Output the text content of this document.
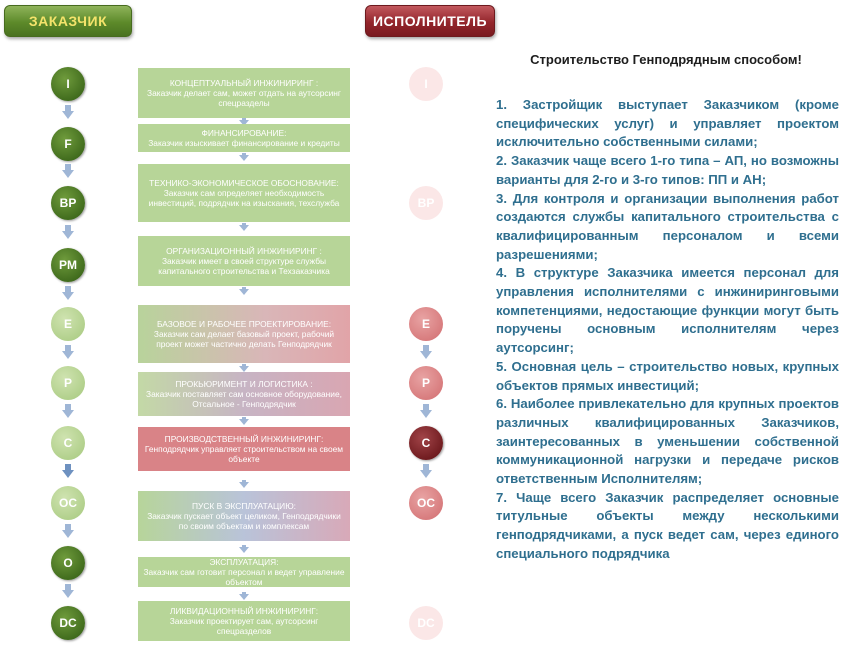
ЗАКАЗЧИК	ИСПОЛНИТЕЛЬ
I
F
BP
PM
E
P
C
OC
O
DC
КОНЦЕПТУАЛЬНЫЙ ИНЖИНИРИНГ :
Заказчик делает сам, может отдать на аутсорсинг спецразделы
ФИНАНСИРОВАНИЕ:
Заказчик изыскивает финансирование и кредиты
ТЕХНИКО-ЭКОНОМИЧЕСКОЕ ОБОСНОВАНИЕ:
Заказчик сам определяет необходимость инвестиций, подрядчик на изыскания, техслужба
ОРГАНИЗАЦИОННЫЙ ИНЖИНИРИНГ :
Заказчик имеет в своей структуре службы капитального строительства и Техзаказчика
БАЗОВОЕ И РАБОЧЕЕ ПРОЕКТИРОВАНИЕ:
Заказчик сам делает базовый проект, рабочий проект может частично делать Генподрядчик
ПРОКЬЮРИМЕНТ И ЛОГИСТИКА :
Заказчик поставляет сам основное оборудование, Отсальное - Генподрядчик
ПРОИЗВОДСТВЕННЫЙ ИНЖИНИРИНГ:
Генподрядчик управляет строительством на своем объекте
ПУСК В ЭКСПЛУАТАЦИЮ:
Заказчик пускает объект целиком, Генподрядчики по своим объектам и комплексам
ЭКСПЛУАТАЦИЯ:
Заказчик сам готовит персонал и ведет управление объектом
ЛИКВИДАЦИОННЫЙ ИНЖИНИРИНГ:
Заказчик проектирует сам, аутсорсинг спецразделов
I
BP
E
P
C
OC
DC
Строительство Генподрядным способом!

1. Застройщик выступает Заказчиком (кроме специфических услуг) и управляет проектом исключительно собственными силами;

2. Заказчик чаще всего 1-го типа – АП, но возможны варианты для 2-го и 3-го типов: ПП и АН;

3. Для контроля и организации выполнения работ создаются службы капитального строительства с квалифицированным персоналом и всеми разрешениями;

4. В структуре Заказчика имеется персонал для управления исполнителями с инжиниринговыми компетенциями, недостающие функции могут быть поручены основным исполнителям через аутсорсинг;

5. Основная цель – строительство новых, крупных объектов прямых инвестиций;

6. Наиболее привлекательно для крупных проектов различных квалифицированных Заказчиков, заинтересованных в уменьшении собственной коммуникационной нагрузки и передаче рисков ответственным Исполнителям;

7. Чаще всего Заказчик распределяет основные титульные объекты между несколькими генподрядчиками, а пуск ведет сам, через единого специального подрядчика
